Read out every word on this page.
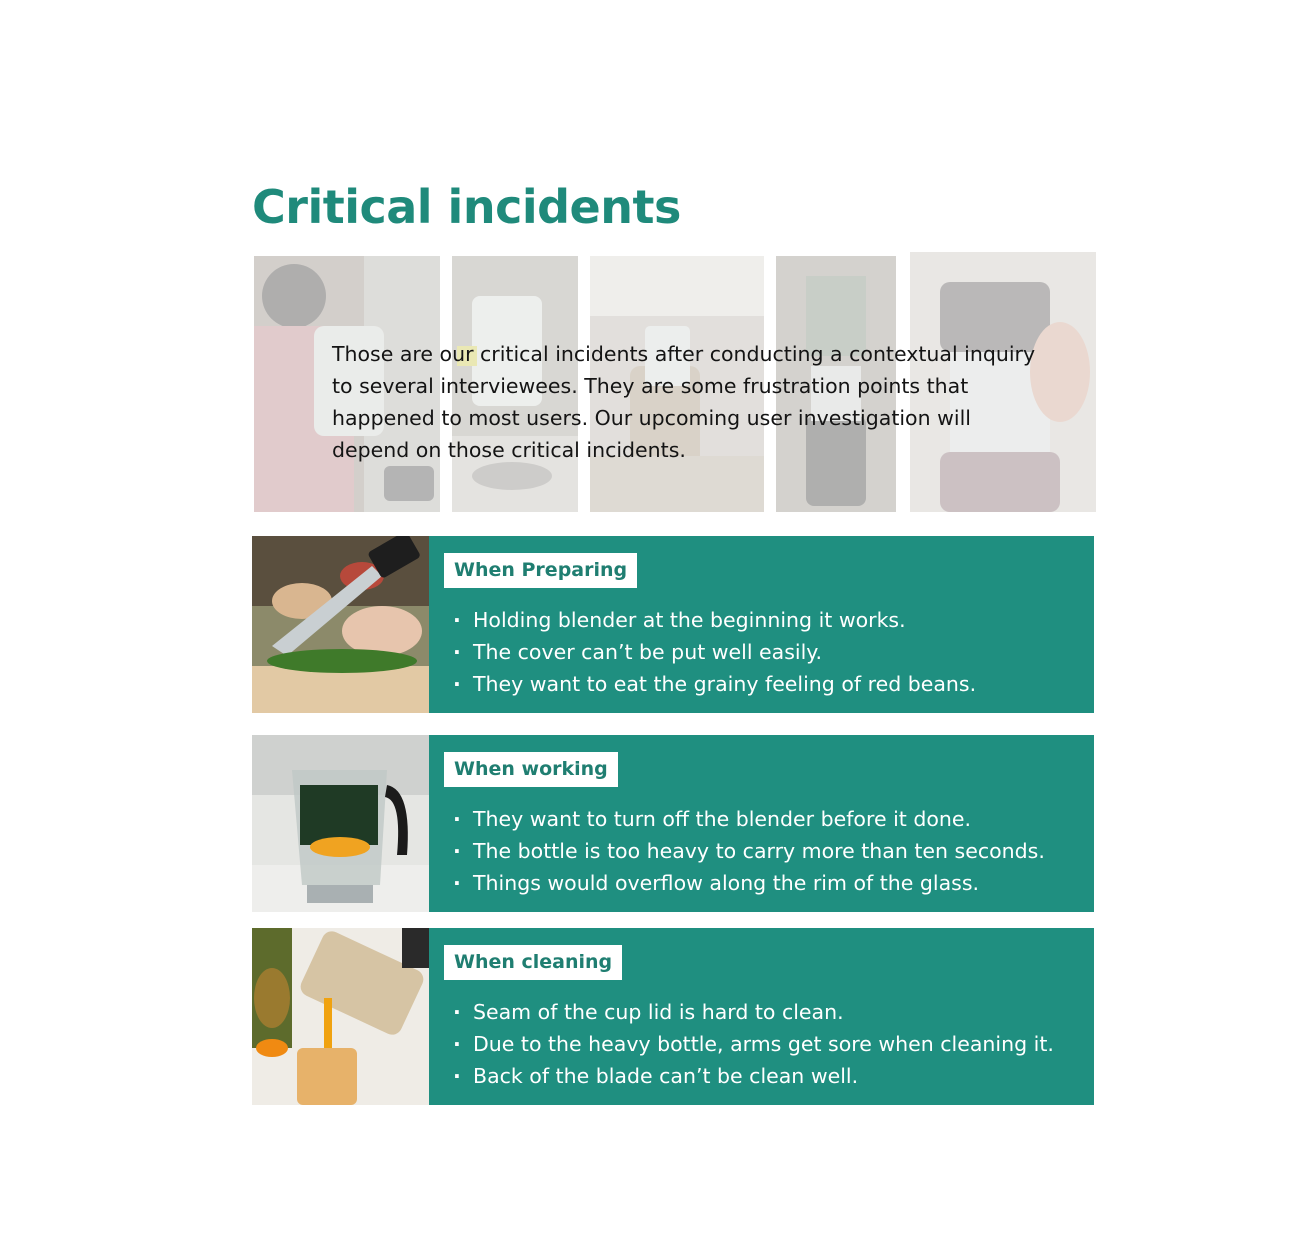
Critical incidents

Those are our critical incidents after conducting a contextual inquiry to several interviewees. They are some frustration points that happened to most users. Our upcoming user investigation will depend on those critical incidents.

When Preparing
· Holding blender at the beginning it works.
· The cover can’t be put well easily.
· They want to eat the grainy feeling of red beans.
When working
· They want to turn off the blender before it done.
· The bottle is too heavy to carry more than ten seconds.
· Things would overflow along the rim of the glass.
When cleaning
· Seam of the cup lid is hard to clean.
· Due to the heavy bottle, arms get sore when cleaning it.
· Back of the blade can’t be clean well.
